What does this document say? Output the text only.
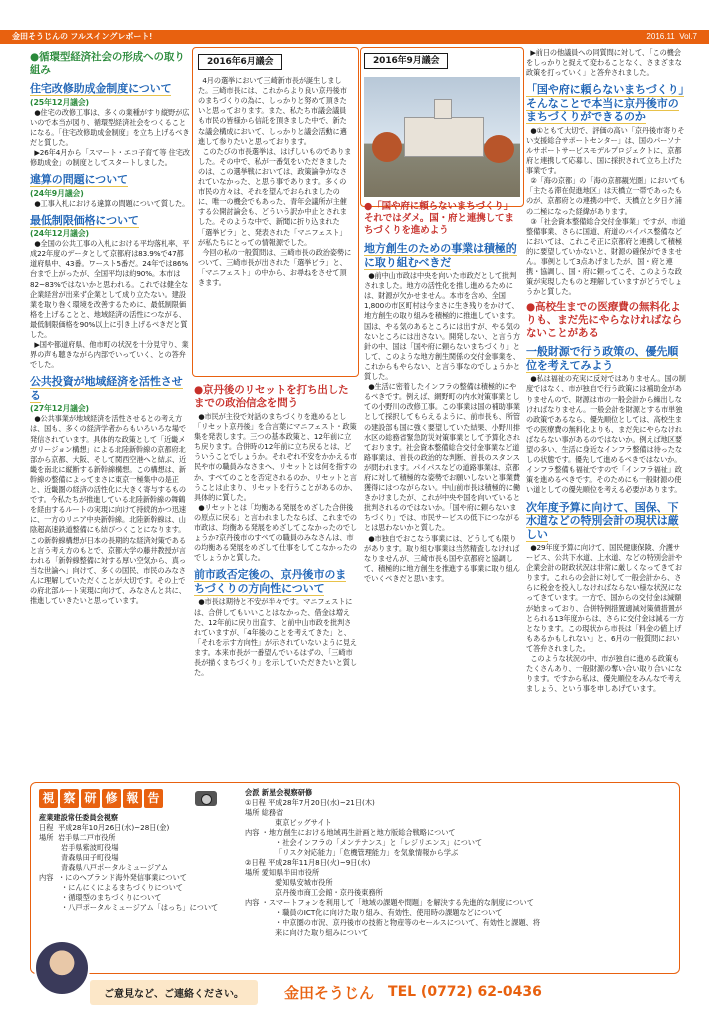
金田そうじんの フルスイングレポート!	2016.11 Vol.7
●循環型経済社会の形成への取り組み
住宅改修助成金制度について
(25年12月議会)
●住宅の改修工事は、多くの業種がすり縦野が広いので本当が図り、循環型経済社会をつくることになる。「住宅改修助成金制度」を立ち上げるべきだと質した。
▶26年4月から「スマート・エコ子育て等 住宅改修助成金」の制度としてスタートしました。
違算の問題について
(24年9月議会)
●工事入札における違算の問題について質した。
最低制限価格について
(24年12月議会)
●全国の公共工事の入札における平均落札率、平成22年度のデータとして京都府は83.9%で47都道府県中、43番。ワースト5番だ。24年では86%台まで上がったが、全国平均は約90%。本市は82~83%ではないかと思われる。これでは健全な企業経営が出来ず企業として成り立たない。建設業を取り巻く環境を改善するために、最低制限価格を上げることと、地域経済の活性につながる、最低制限価格を90%以上に引き上げるべきだと質した。
▶国や都道府県、他市町の状況を十分見守り、業界の声も聴きながら内部でいっていく、との答弁でした。
公共投資が地域経済を活性させる
(27年12月議会)
●公共事業が地域経済を活性させるとの考え方は、国も、多くの経済学者からもいろいろな場で発信されています。具体的な政策として「近畿メガリージョン構想」による北陸新幹線の京都府北部から京都、大阪、そして関西空港へと結ぶ、近畿を南北に縦断する新幹線構想。この構想は、新幹線の整備によってまさに東京一極集中の是正と、近畿圏の経済の活性化に大きく寄与するものです。今私たちが推進している北陸新幹線の舞鶴を経由するルートの実現に向けて持続的かつ迅速に、一方のリニア中央新幹線。北陸新幹線は、山陰超高速鉄道整備にも結びつくことになります。この新幹線構想が日本の長期的な経済対策であると言う考え方のもとで、京都大学の藤井教授が言われる「新幹線整備に対する厚い空気から、真っ当な世論へ」向けて、多くの国民、市民のみなさんに理解していただくことが大切です。その上での府北部ルート実現に向けて、みなさんと共に、推進していきたいと思っています。
2016年6月議会
4月の選挙において三崎新市長が誕生しました。三崎市長には、これからより良い京丹後市のまちづくりの為に、しっかりと努めて頂きたいと思っております。また、私たち市議会議員も市民の皆様から信託を頂きました中で、新たな議会構成において、しっかりと議会活動に邁進して参りたいと思っております。
このたびの市長選挙は、はげしいものでありました。その中で、私が一番気をいただきましたのは、この選挙戦においては、政策論争がなされていなかった、と思う事であります。多くの市民の方々は、それを望んでおられましたのに、唯一の機会でもあった、青年会議所が主催する公開討論会も、どういう訳か中止とされました。そのような中で、新聞に折り込まれた「選挙ビラ」と、発表された「マニフェスト」が私たちにとっての情報源でした。
今回の私の一般質問は、三崎市長の政治姿勢について、三崎市長が出された「選挙ビラ」と、「マニフェスト」の中から、お尋ねをさせて頂きます。
●京丹後のリセットを打ち出したまでの政治信念を問う
●市民が主役で対話のまちづくりを進めるとし「リセット京丹後」を合言葉にマニフェスト・政策集を発表します。三つの基本政策と、12年前に立ち戻ります。合併時の12年前に立ち戻るとは、どういうことでしょうか。それぞれ不安をかかえる市民や市の職員みなさまへ、リセットとは何を指すのか、すべてのことを否定されるのか、リセットと言うことは止まり、リセットを行うことがあるのか、具体的に質した。
●リセットとは「均衡ある発展をめざした合併後の原点に戻る」と言われましたならば、これまでの市政は、均衡ある発展をめざしてこなかったのでしょうか?京丹後市のすべての職員のみなさんは、市の均衡ある発展をめざして仕事をしてこなかったのでしょうかと質した。
前市政否定後の、京丹後市のまちづくりの方向性について
●市長は期待と不安が半々です。マニフェストには、合併してもいいことはなかった、借金は増えた、12年前に戻り出直す、と前中山市政を批判されていますが、「4年後のことを考えてきた」と、「それを示す方向性」が示されていないように見えます。本来市長が一番望んでいるはずの、「三崎市長が描くまちづくり」を示していただきたいと質した。
2016年9月議会
●「国や府に頼らないまちづくり」それではダメ。国・府と連携してまちづくりを進めよう
地方創生のための事業は積極的に取り組むべきだ
●前中山市政は中央を向いた市政だとして批判されました。地方の活性化を推し進めるためには、財源が欠かせません。本市を含め、全国1,800の市区町村は今まさに生き残りをかけて、地方創生の取り組みを積極的に推進しています。国は、やる気のあるところには出すが、やる気のないところには出さない。開発しない、と言う方針の中、国は「国や府に頼らないまちづくり」として、このような地方創生関係の交付金事業を、これからもやらない、と言う事なのでしょうかと質した。
●生活に密着したインフラの整備は積極的にやるべきです。例えば、網野町の内水対策事業としての小野川の改修工事。この事業は国の補助事業として採択してもらえるように、前市長も、所管の建設部も国に強く要望していた結果、小野川排水区の総務省緊急防災対策事業として予算化されております。社会資本整備総合交付金事業など道路事業は、首長の政治的な判断、首長のスタンスが問われます。パイパスなどの道路事業は、京都府に対して積極的な姿勢でお願いしないと事業費獲得にはつながらない。中山前市長は積極的に働きかけましたが、これが中央や国を向いていると批判されるのではないか。「国や府に頼らないまちづくり」では、市民サービスの低下につながるとは思わないかと質した。
●市独自でおこなう事業には、どうしても限りがあります。取り組む事業は当然精査しなければなりませんが、三崎市長も国や京都府と協調して、積極的に地方創生を推進する事業に取り組んでいくべきだと思います。
▶前日の他議員への同質問に対して、「この機会をしっかりと捉えて変わることなく、さまざまな政策を打っていく」と答弁されました。
「国や府に頼らないまちづくり」そんなことで本当に京丹後市のまちづくりができるのか
●①ともて大切で、評価の高い「京丹後市寄りそい支援総合サポートセンター」は、国のパーソナルサポートサービスモデルプロジェクトに、京都府と連携して応募し、国に採択されて立ち上げた事業です。
②「海の京都」の「海の京都観光圏」においても「主たる滞在促進地区」は天橋立一帯であったものが、京都府との連携の中で、天橋立と夕日ケ浦の二極になった経緯があります。
③「社会資本整備総合交付金事業」ですが、市道整備事業、さらに国道、府道のバイパス整備などにおいては、これこそ正に京都府と連携して積極的に要望していかないと、財源の確保ができません。事例として3点あげましたが、国・府と連携・協調し、国・府に頼ってこそ、このような政策が実現したものと理解していますがどうでしょうかと質した。
●高校生までの医療費の無料化よりも、まだ先にやらなければならないことがある
一般財源で行う政策の、優先順位を考えてみよう
●私は福祉の充実に反対ではありません。国の制度ではなく、市が独自で行う政策には補助金がありませんので、財源は市の一般会計から繰出しなければなりません。一般会計を財源とする市単独の政策であるなら、優先順位としては、高校生までの医療費の無料化よりも、まだ先にやらなければならない事があるのではないか。例えば地区要望の多い、生活に身近なインフラ整備は待ったなしの状態です。優先して進めるべきではないか。インフラ整備も福祉ですので「インフラ福祉」政策を進めるべきです。そのためにも一般財源の使い道としての優先順位を考える必要があります。
次年度予算に向けて、国保、下水道などの特別会計の現状は厳しい
●29年度予算に向けて、国民健康保険、介護サービス、公共下水道、上水道、などの特別会計や企業会計の財政状況は非常に厳しくなってきております。これらの会計に対して一般会計から、さらに税金を投入しなければならない様な状況になってきています。一方で、国からの交付金は減額が始まっており、合併特例措置適減対策債措置がとられる13年度からは、さらに交付金は減る一方となります。この現状から市長は「料金の値上げもあるかもしれない」と、6月の一般質問において答弁されました。
このような状況の中、市が独自に進める政策もたくさんあり、一般財源の奪い合い取り合いになります。ですから私は、優先順位をみんなで考えましょう、という事を申しあげています。
視 察 研 修 報 告
産業建設常任委員会視察
日程 平成28年10月26日(水)~28日(金)
場所 岩手県二戸市役所
岩手県紫波町役場
青森県田子町役場
青森県八戸ポータルミュージアム
内容 ・にのへブランド海外発信事業について
・にんにくによるまちづくりについて
・循環型のまちづくりについて
・八戸ポータルミュージアム「はっち」について
会派 新星会視察研修
①日程 平成28年7月20日(水)~21日(木)
場所 総務省
東京ビッグサイト
内容 ・地方創生における地域再生計画と地方版総合戦略について
・社会インフラの「メンテナンス」と「レジリエンス」について
「リスク対応能力」「危機管理能力」を気象情報から学ぶ
②日程 平成28年11月8日(火)~9日(水)
場所 愛知県半田市役所
愛知県安城市役所
京丹後市商工会館・京丹後東務所
内容 ・スマートフォンを利用して「地域の課題や問題」を解決する先進的な制度について
・職員のICT化に向けた取り組み、有効性、使用時の課題などについて
・中京圏の市況、京丹後市の技術と物産等のセールスについて、有効性と課題、将来に向けた取り組みについて
ご意見など、ご連絡ください。	金田そうじん TEL (0772) 62-0436
